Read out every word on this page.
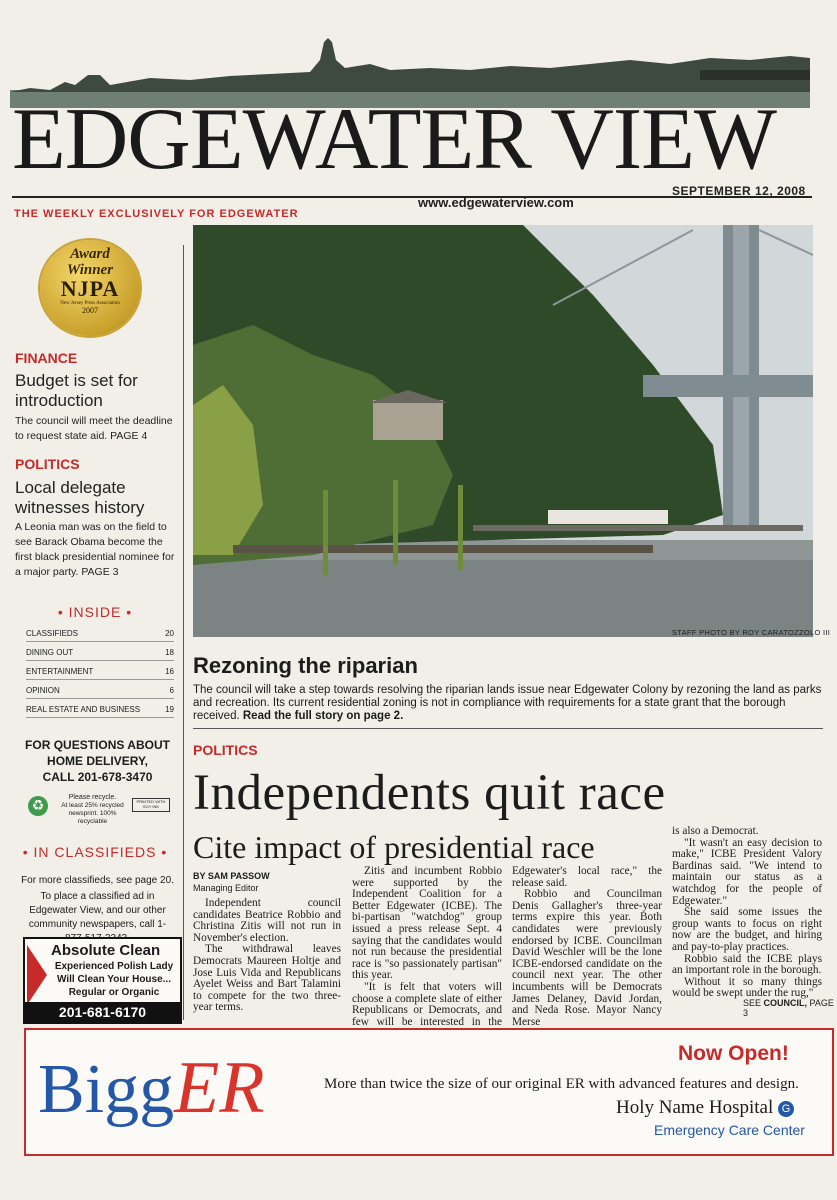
EDGEWATER VIEW
THE WEEKLY EXCLUSIVELY FOR EDGEWATER
www.edgewaterview.com
SEPTEMBER 12, 2008
Award
Winner
NJPA
New Jersey Press Association
2007
FINANCE
Budget is set for introduction
The council will meet the deadline to request state aid. PAGE 4
POLITICS
Local delegate witnesses history
A Leonia man was on the field to see Barack Obama become the first black presidential nominee for a major party. PAGE 3
• INSIDE •
CLASSIFIEDS	20
DINING OUT	18
ENTERTAINMENT	16
OPINION	6
REAL ESTATE AND BUSINESS	19
FOR QUESTIONS ABOUT
HOME DELIVERY,
CALL 201-678-3470
♻
Please recycle.
At least 25% recycled
newsprint. 100% recyclable
PRINTED WITH SOY INK
• IN CLASSIFIEDS •
For more classifieds, see page 20.
To place a classified ad in Edgewater View, and our other community newspapers, call 1-
Absolute Clean
Experienced Polish Lady
Will Clean Your House...
Regular or Organic
201-681-6170
STAFF PHOTO BY ROY CARATOZZOLO III
Rezoning the riparian
The council will take a step towards resolving the riparian lands issue near Edgewater Colony by rezoning the land as parks and recreation. Its current residential zoning is not in compliance with requirements for a state grant that the borough received. Read the full story on page 2.
POLITICS
Independents quit race
Cite impact of presidential race
BY SAM PASSOW
Managing Editor

Independent council candidates Beatrice Robbio and Christina Zitis will not run in November's election.

The withdrawal leaves Democrats Maureen Holtje and Jose Luis Vida and Republicans Ayelet Weiss and Bart Talamini to compete for the two three-year terms.

Zitis and incumbent Robbio were supported by the Independent Coalition for a Better Edgewater (ICBE). The bi-partisan "watchdog" group issued a press release Sept. 4 saying that the candidates would not run because the presidential race is "so passionately partisan" this year.

"It is felt that voters will choose a complete slate of either Republicans or Democrats, and few will be interested in the

Edgewater's local race," the release said.

Robbio and Councilman Denis Gallagher's three-year terms expire this year. Both candidates were previously endorsed by ICBE. Councilman David Weschler will be the lone ICBE-endorsed candidate on the council next year. The other incumbents will be Democrats James Delaney, David Jordan, and Neda Rose. Mayor Nancy Merse

is also a Democrat.

"It wasn't an easy decision to make," ICBE President Valory Bardinas said. "We intend to maintain our status as a watchdog for the people of Edgewater."

She said some issues the group wants to focus on right now are the budget, and hiring and pay-to-play practices.

Robbio said the ICBE plays an important role in the borough.

Without it so many things would be swept under the rug,"

SEE COUNCIL, PAGE 3
BiggER	Now Open!
More than twice the size of our original ER with advanced features and design.
Holy Name Hospital G
Emergency Care Center
